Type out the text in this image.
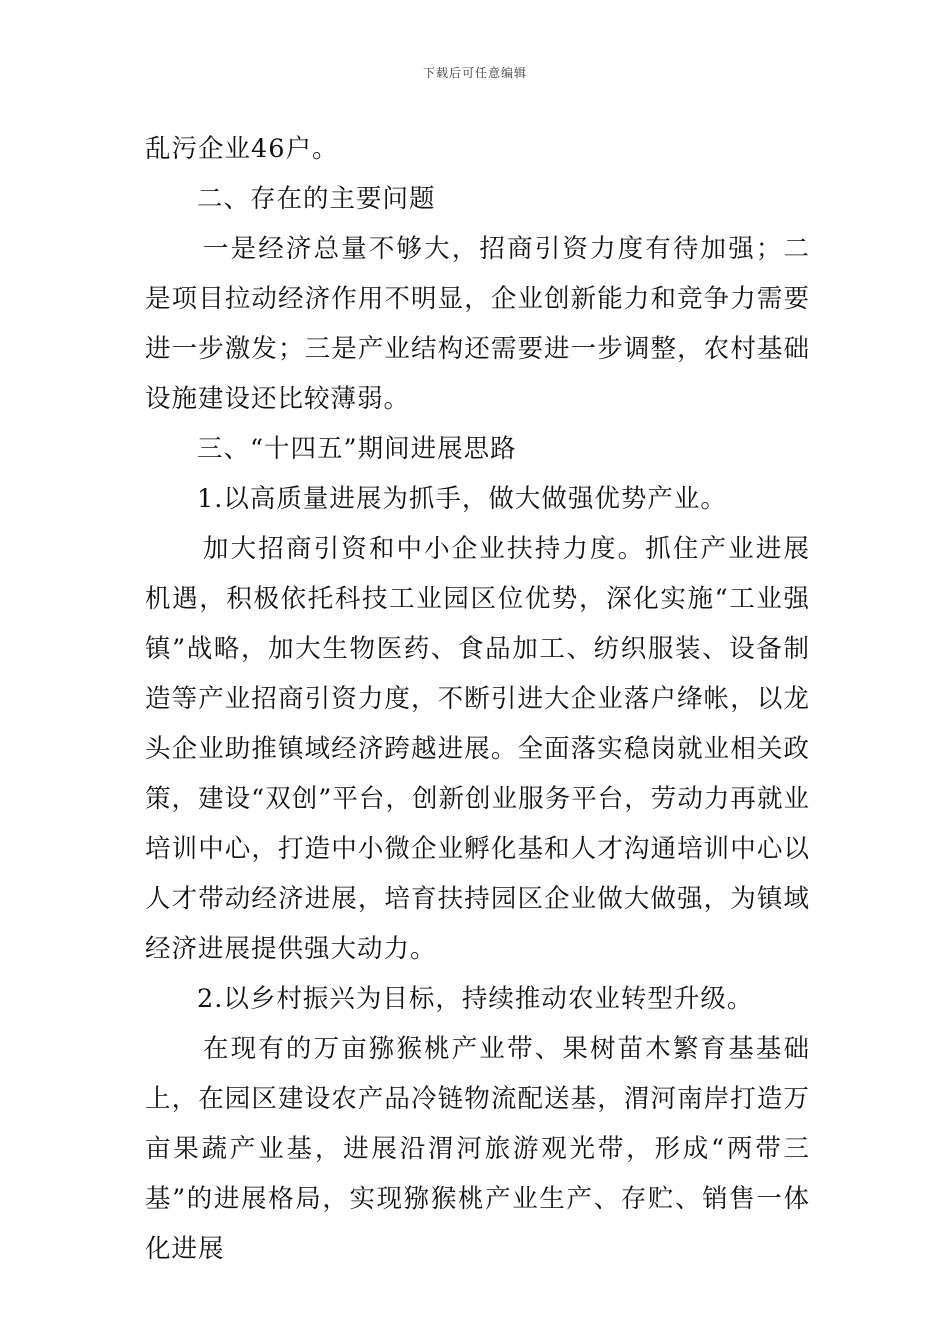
下载后可任意编辑

乱污企业46户。

二、存在的主要问题

一是经济总量不够大，招商引资力度有待加强；二是项目拉动经济作用不明显，企业创新能力和竞争力需要进一步激发；三是产业结构还需要进一步调整，农村基础设施建设还比较薄弱。

三、“十四五”期间进展思路

1.以高质量进展为抓手，做大做强优势产业。

加大招商引资和中小企业扶持力度。抓住产业进展机遇，积极依托科技工业园区位优势，深化实施“工业强镇”战略，加大生物医药、食品加工、纺织服装、设备制造等产业招商引资力度，不断引进大企业落户绛帐，以龙头企业助推镇域经济跨越进展。全面落实稳岗就业相关政策，建设“双创”平台，创新创业服务平台，劳动力再就业培训中心，打造中小微企业孵化基和人才沟通培训中心以人才带动经济进展，培育扶持园区企业做大做强，为镇域经济进展提供强大动力。

2.以乡村振兴为目标，持续推动农业转型升级。

在现有的万亩猕猴桃产业带、果树苗木繁育基基础上，在园区建设农产品冷链物流配送基，渭河南岸打造万亩果蔬产业基，进展沿渭河旅游观光带，形成“两带三基”的进展格局，实现猕猴桃产业生产、存贮、销售一体化进展
